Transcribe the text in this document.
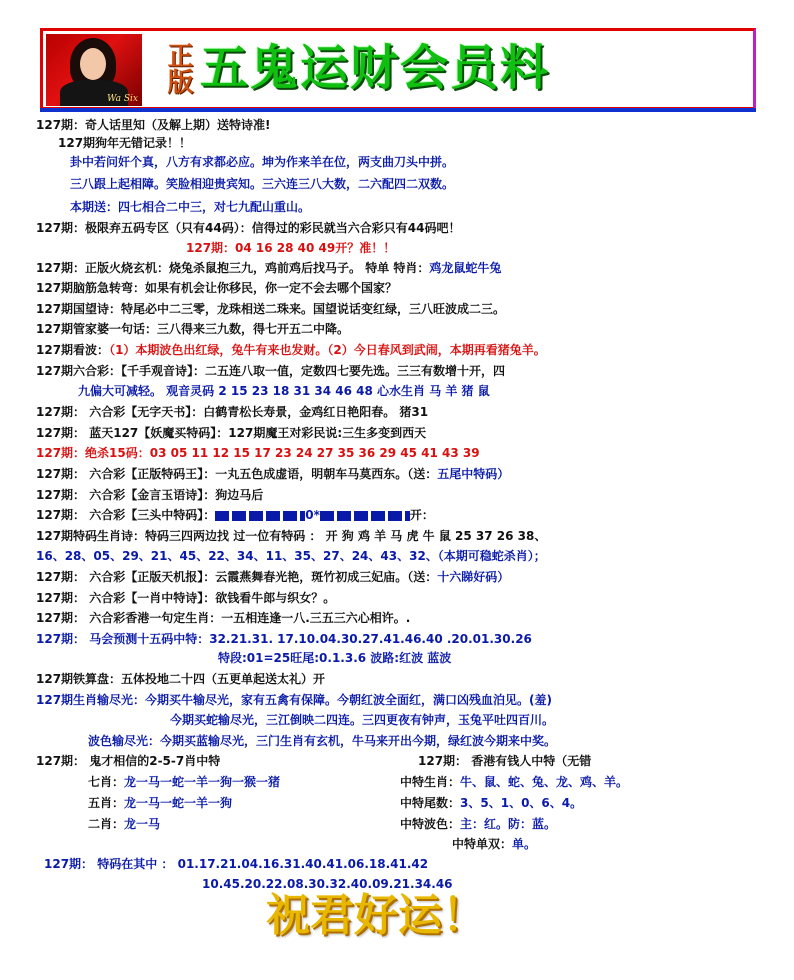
Wa Six
正版 五鬼运财会员料
127期：奇人话里知（及解上期）送特诗准!
127期狗年无错记录！！
卦中若问奸个真，八方有求都必应。坤为作来羊在位，两支曲刀头中拼。
三八跟上起相障。笑脸相迎贵宾知。三六连三八大数，二六配四二双数。
本期送：四七相合二中三，对七九配山重山。
127期：极限弃五码专区（只有44码）：信得过的彩民就当六合彩只有44码吧！
127期：04 16 28 40 49开？准！！
127期：正版火烧玄机：烧兔杀鼠抱三九，鸡前鸡后找马子。 特单 特肖：鸡龙鼠蛇牛兔
127期脑筋急转弯：如果有机会让你移民，你一定不会去哪个国家？
127期国望诗：特尾必中二三零，龙珠相送二珠来。国望说话变红绿，三八旺波成二三。
127期管家婆一句话：三八得来三九数，得七开五二中降。
127期看波：（1）本期波色出红绿，兔牛有来也发财。（2）今日春风到武闹，本期再看猪兔羊。
127期六合彩：【千手观音诗】：二五连八取一值，定数四七要先选。三三有数增十开，四
九偏大可减轻。 观音灵码 2 15 23 18 31 34 46 48 心水生肖 马 羊 猪 鼠
127期： 六合彩【无字天书】：白鹤青松长寿景，金鸡红日艳阳春。 猪31
127期： 蓝天127【妖魔买特码】：127期魔王对彩民说:三生多变到西天
127期：绝杀15码：03 05 11 12 15 17 23 24 27 35 36 29 45 41 43 39
127期： 六合彩【正版特码王】：一丸五色成虚语，明朝车马莫西东。（送：五尾中特码）
127期： 六合彩【金言玉语诗】：狗边马后
127期： 六合彩【三头中特码】：	0*	开：
127期特码生肖诗：特码三四两边找 过一位有特码 ： 开 狗 鸡 羊 马 虎 牛 鼠 25 37 26 38、
16、28、05、29、21、45、22、34、11、35、27、24、43、32、（本期可稳蛇杀肖）；
127期： 六合彩【正版天机报】：云霞燕舞春光艳，斑竹初成三妃庙。（送：十六睇好码）
127期： 六合彩【一肖中特诗】：欲钱看牛郎与织女？。
127期： 六合彩香港一句定生肖：一五相连逢一八.三五三六心相许。.
127期： 马会预测十五码中特：32.21.31. 17.10.04.30.27.41.46.40 .20.01.30.26
特段:01=25旺尾:0.1.3.6 波路:红波 蓝波
127期铁算盘：五体投地二十四（五更单起送太礼）开
127期生肖输尽光：今期买牛输尽光，家有五禽有保障。今朝红波全面红，满口凶残血泊见。(羞)
今期买蛇输尽光，三江倒映二四连。三四更夜有钟声，玉兔平吐四百川。
波色输尽光：今期买蓝输尽光，三门生肖有玄机，牛马来开出今期，绿红波今期来中奖。
127期： 鬼才相信的2-5-7肖中特	127期： 香港有钱人中特（无错
七肖：龙一马一蛇一羊一狗一猴一猪
五肖：龙一马一蛇一羊一狗
二肖：龙一马
中特生肖：牛、鼠、蛇、兔、龙、鸡、羊。
中特尾数：3、5、1、0、6、4。
中特波色：主：红。防：蓝。
中特单双：单。
127期： 特码在其中 ： 01.17.21.04.16.31.40.41.06.18.41.42
10.45.20.22.08.30.32.40.09.21.34.46
祝君好运！
